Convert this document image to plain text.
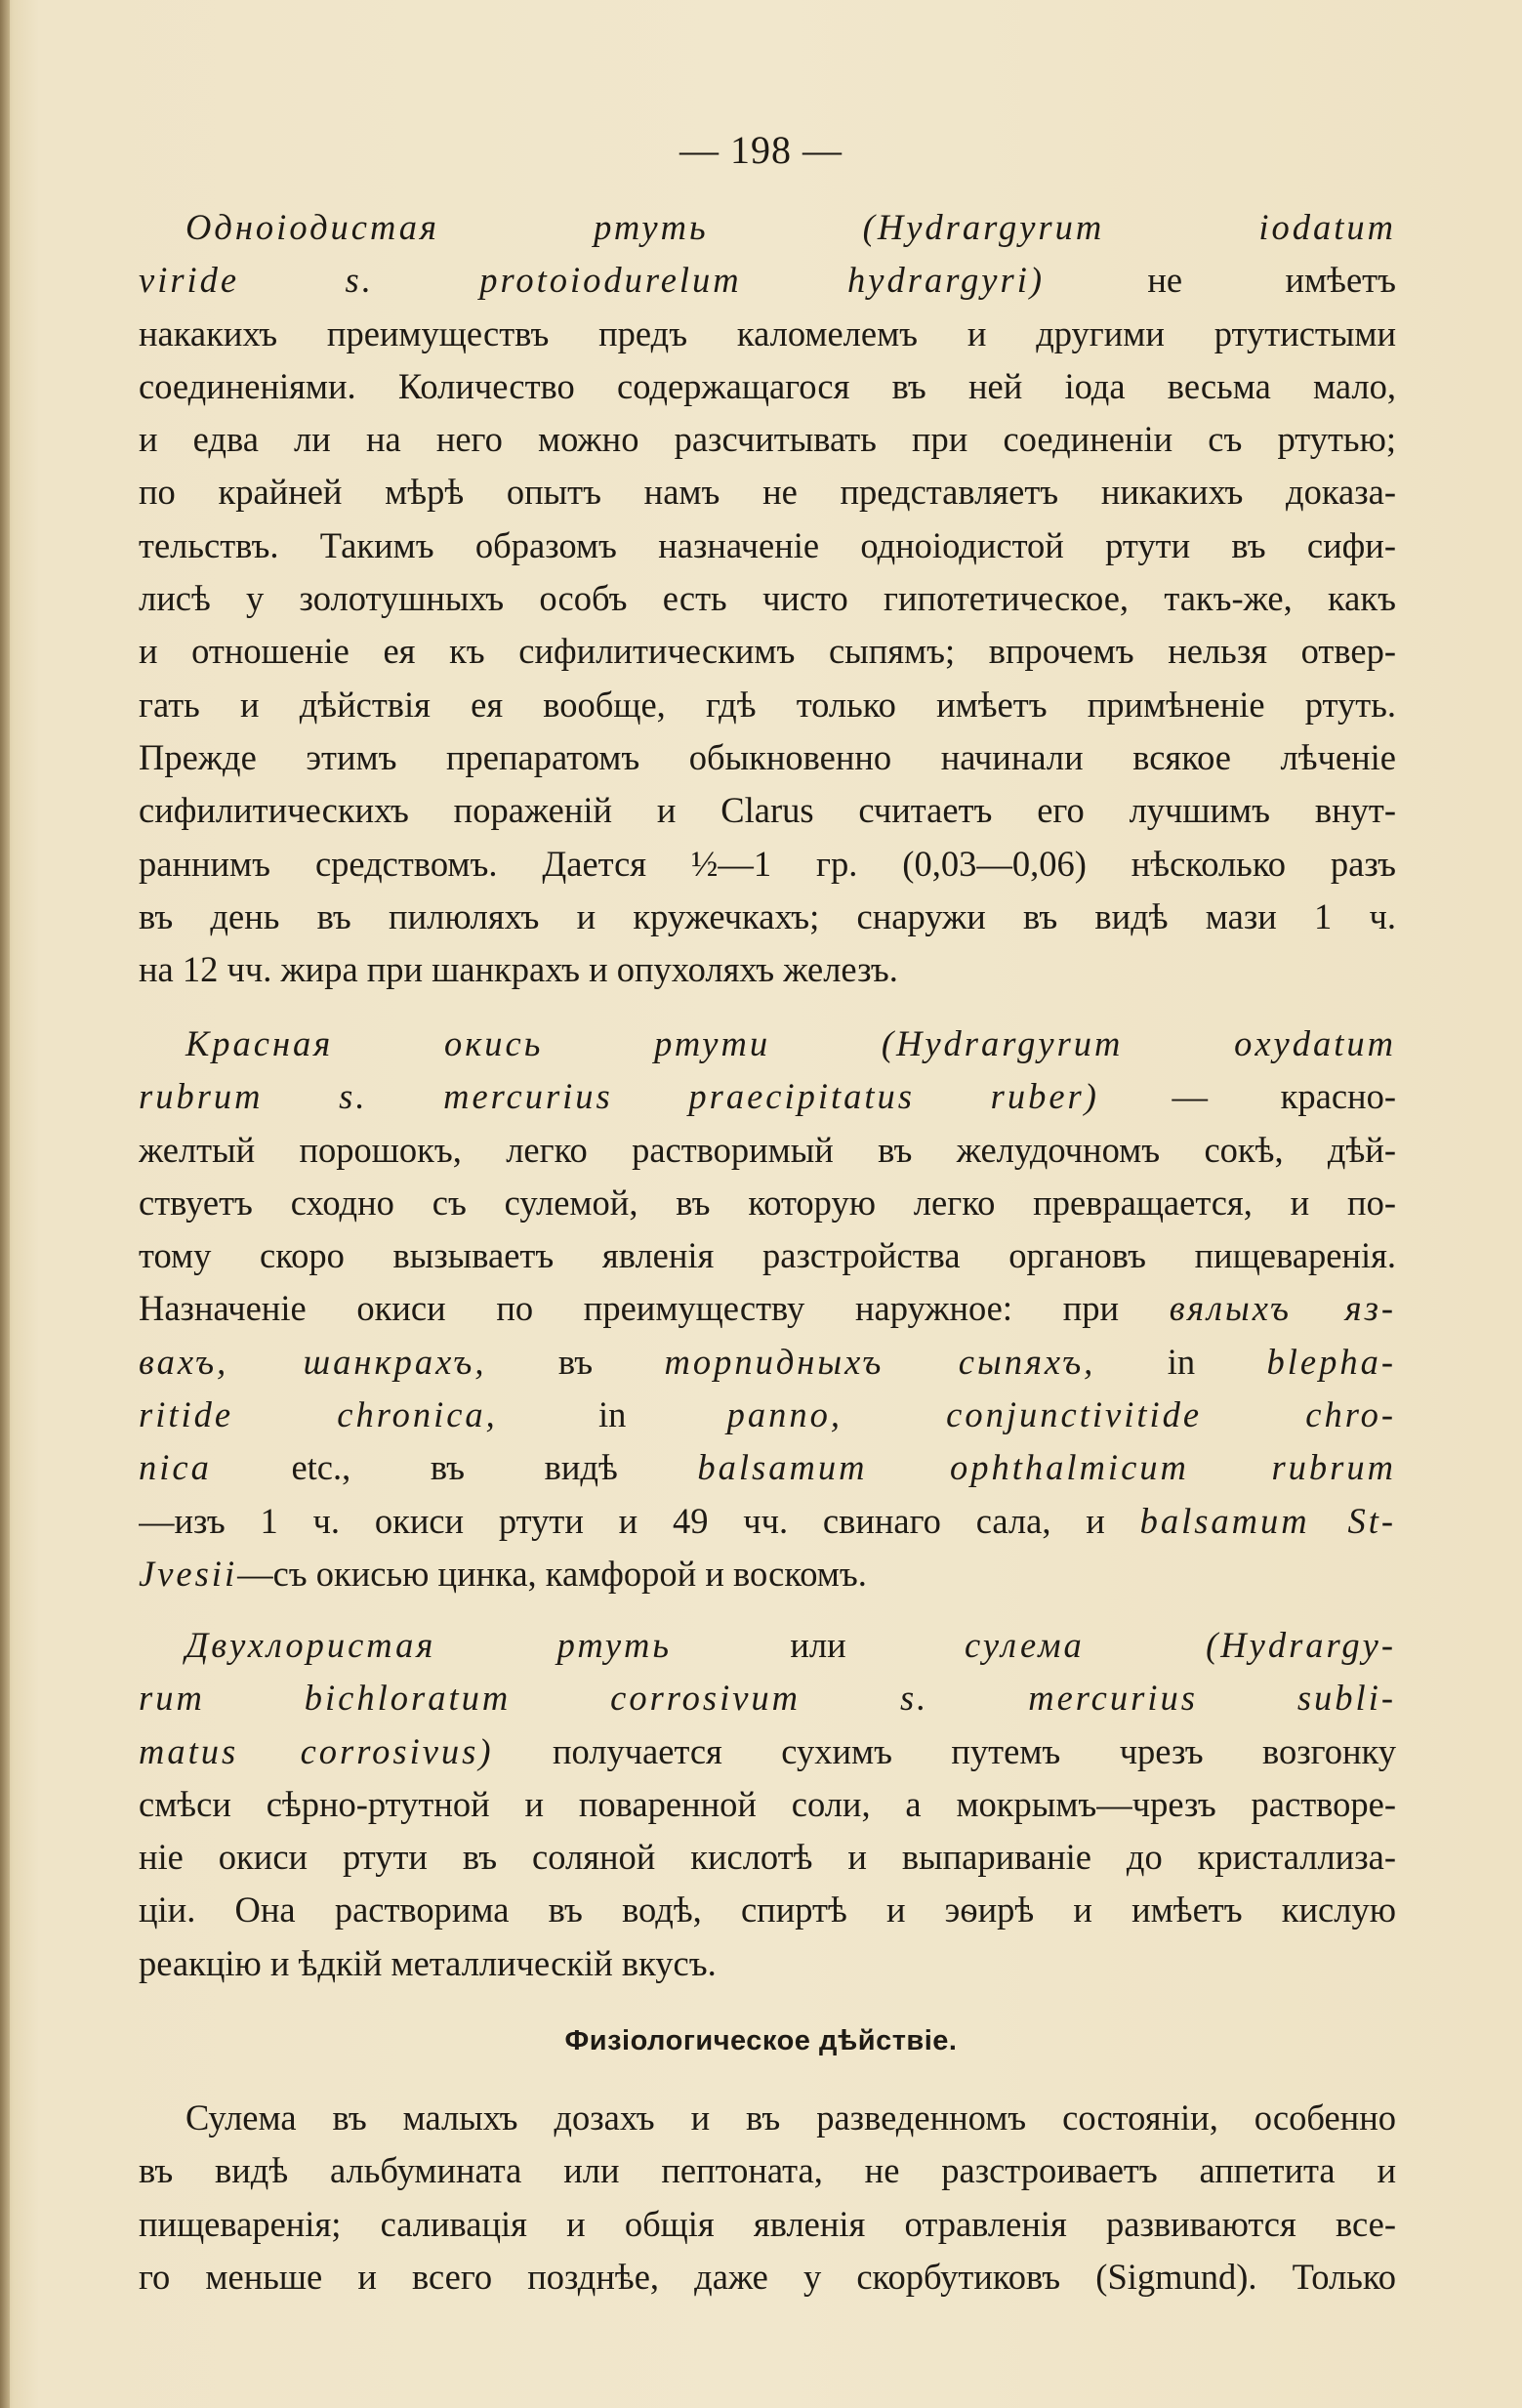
— 198 —
Одноіодистая ртуть (Hydrargyrum iodatum
viride s. protoiodurelum hydrargyri) не имѣетъ
накакихъ преимуществъ предъ каломелемъ и другими ртутистыми
соединеніями. Количество содержащагося въ ней іода весьма мало,
и едва ли на него можно разсчитывать при соединеніи съ ртутью;
по крайней мѣрѣ опытъ намъ не представляетъ никакихъ доказа-
тельствъ. Такимъ образомъ назначеніе одноіодистой ртути въ сифи-
лисѣ у золотушныхъ особъ есть чисто гипотетическое, такъ-же, какъ
и отношеніе ея къ сифилитическимъ сыпямъ; впрочемъ нельзя отвер-
гать и дѣйствія ея вообще, гдѣ только имѣетъ примѣненіе ртуть.
Прежде этимъ препаратомъ обыкновенно начинали всякое лѣченіе
сифилитическихъ пораженій и Clarus считаетъ его лучшимъ внут-
раннимъ средствомъ. Дается ½—1 гр. (0,03—0,06) нѣсколько разъ
въ день въ пилюляхъ и кружечкахъ; снаружи въ видѣ мази 1 ч.
на 12 чч. жира при шанкрахъ и опухоляхъ железъ.
Красная окись ртути (Hydrargyrum oxydatum
rubrum s. mercurius praecipitatus ruber) — красно-
желтый порошокъ, легко растворимый въ желудочномъ сокѣ, дѣй-
ствуетъ сходно съ сулемой, въ которую легко превращается, и по-
тому скоро вызываетъ явленія разстройства органовъ пищеваренія.
Назначеніе окиси по преимуществу наружное: при вялыхъ яз-
вахъ, шанкрахъ, въ торпидныхъ сыпяхъ, in blepha-
ritide chronica, in panno, conjunctivitide chro-
nica etc., въ видѣ balsamum ophthalmicum rubrum
—изъ 1 ч. окиси ртути и 49 чч. свинаго сала, и balsamum St-
Jvesii—съ окисью цинка, камфорой и воскомъ.
Двухлористая ртуть или сулема (Hydrargy-
rum bichloratum corrosivum s. mercurius subli-
matus corrosivus) получается сухимъ путемъ чрезъ возгонку
смѣси сѣрно-ртутной и поваренной соли, а мокрымъ—чрезъ растворе-
ніе окиси ртути въ соляной кислотѣ и выпариваніе до кристаллиза-
ціи. Она растворима въ водѣ, спиртѣ и эѳирѣ и имѣетъ кислую
реакцію и ѣдкій металлическій вкусъ.
Физіологическое дѣйствіе.
Сулема въ малыхъ дозахъ и въ разведенномъ состояніи, особенно
въ видѣ альбумината или пептоната, не разстроиваетъ аппетита и
пищеваренія; саливація и общія явленія отравленія развиваются все-
го меньше и всего позднѣе, даже у скорбутиковъ (Sigmund). Только
